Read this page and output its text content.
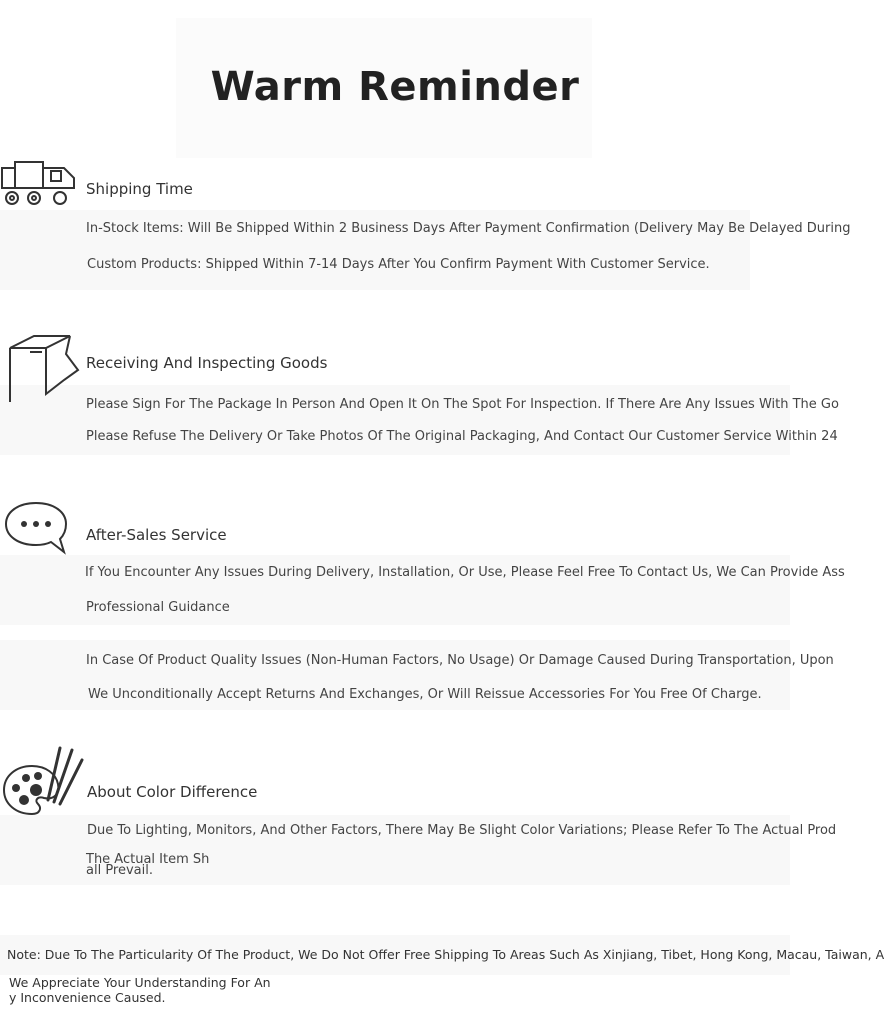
Warm Reminder
Shipping Time
In-Stock Items: Will Be Shipped Within 2 Business Days After Payment Confirmation (Delivery May Be Delayed During
Custom Products: Shipped Within 7-14 Days After You Confirm Payment With Customer Service.
Receiving And Inspecting Goods
Please Sign For The Package In Person And Open It On The Spot For Inspection. If There Are Any Issues With The Go
Please Refuse The Delivery Or Take Photos Of The Original Packaging, And Contact Our Customer Service Within 24
After-Sales Service
If You Encounter Any Issues During Delivery, Installation, Or Use, Please Feel Free To Contact Us, We Can Provide Ass
Professional Guidance
In Case Of Product Quality Issues (Non-Human Factors, No Usage) Or Damage Caused During Transportation, Upon
We Unconditionally Accept Returns And Exchanges, Or Will Reissue Accessories For You Free Of Charge.
About Color Difference
Due To Lighting, Monitors, And Other Factors, There May Be Slight Color Variations; Please Refer To The Actual Prod
The Actual Item Sh
all Prevail.
Note: Due To The Particularity Of The Product, We Do Not Offer Free Shipping To Areas Such As Xinjiang, Tibet, Hong Kong, Macau, Taiwan, A
We Appreciate Your Understanding For An
y Inconvenience Caused.
